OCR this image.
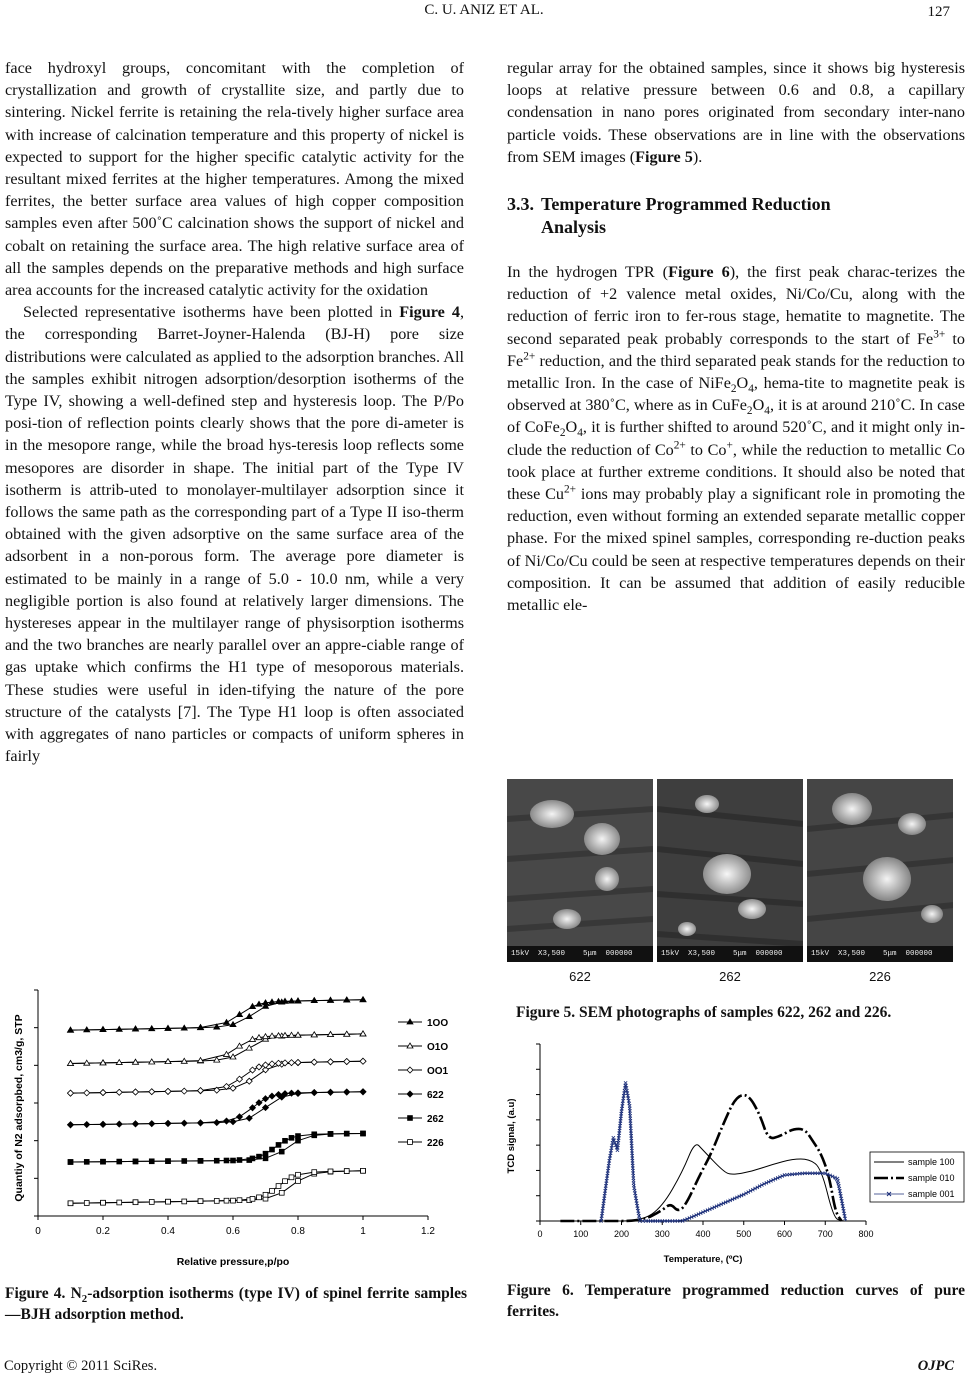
C. U. ANIZ ET AL.	127

face hydroxyl groups, concomitant with the completion of crystallization and growth of crystallite size, and partly due to sintering. Nickel ferrite is retaining the rela-tively higher surface area with increase of calcination temperature and this property of nickel is expected to support for the higher specific catalytic activity for the resultant mixed ferrites at the higher temperatures. Among the mixed ferrites, the better surface area values of high copper composition samples even after 500˚C calcination shows the support of nickel and cobalt on retaining the surface area. The high relative surface area of all the samples depends on the preparative methods and high surface area accounts for the increased catalytic activity for the oxidation

Selected representative isotherms have been plotted in Figure 4, the corresponding Barret-Joyner-Halenda (BJ-H) pore size distributions were calculated as applied to the adsorption branches. All the samples exhibit nitrogen adsorption/desorption isotherms of the Type IV, showing a well-defined step and hysteresis loop. The P/Po posi-tion of reflection points clearly shows that the pore di-ameter is in the mesopore range, while the broad hys-teresis loop reflects some mesopores are disorder in shape. The initial part of the Type IV isotherm is attrib-uted to monolayer-multilayer adsorption since it follows the same path as the corresponding part of a Type II iso-therm obtained with the given adsorptive on the same surface area of the adsorbent in a non-porous form. The average pore diameter is estimated to be mainly in a range of 5.0 - 10.0 nm, while a very negligible portion is also found at relatively larger dimensions. The hystereses appear in the multilayer range of physisorption isotherms and the two branches are nearly parallel over an appre-ciable range of gas uptake which confirms the H1 type of mesoporous materials. These studies were useful in iden-tifying the nature of the pore structure of the catalysts [7]. The Type H1 loop is often associated with aggregates of nano particles or compacts of uniform spheres in fairly

regular array for the obtained samples, since it shows big hysteresis loops at relative pressure between 0.6 and 0.8, a capillary condensation in nano pores originated from secondary inter-nano particle voids. These observations are in line with the observations from SEM images (Figure 5).

3.3. Temperature Programmed Reduction
Analysis

In the hydrogen TPR (Figure 6), the first peak charac-terizes the reduction of +2 valence metal oxides, Ni/Co/Cu, along with the reduction of ferric iron to fer-rous stage, hematite to magnetite. The second separated peak probably corresponds to the start of $Fe^{3+}$ to $Fe^{2+}$ reduction, and the third separated peak stands for the reduction to metallic Iron. In the case of $NiFe_2O_4$, hema-tite to magnetite peak is observed at 380˚C, where as in $CuFe_2O_4$, it is at around 210˚C. In case of $CoFe_2O_4$, it is further shifted to around 520˚C, and it might only in-clude the reduction of $Co^{2+}$ to Co+, while the reduction to metallic Co took place at further extreme conditions. It should also be noted that these $Cu^{2+}$ ions may probably play a significant role in promoting the reduction, even without forming an extended separate metallic copper phase. For the mixed spinel samples, corresponding re-duction peaks of Ni/Co/Cu could be seen at respective temperatures depends on their composition. It can be assumed that addition of easily reducible metallic ele-

15kV  X3,500    5μm  000000	15kV  X3,500    5μm  000000	15kV  X3,500    5μm  000000
622	262	226
Figure 5. SEM photographs of samples 622, 262 and 226.
0	0.2	0.4	0.6	0.8	1	1.2
1OO
O1O
OO1
622
262
226
Relative pressure,p/po
Quantiy of N2 adsorpbed, cm3/g, STP
Figure 4. $N_2$-adsorption isotherms (type IV) of spinel ferrite samples—BJH adsorption method.
0	100	200	300	400	500	600	700	800
sample 100
sample 010
sample 001
Temperature, (ºC)
TCD signal, (a.u)
Figure 6. Temperature programmed reduction curves of pure ferrites.
Copyright © 2011 SciRes.	OJPC
